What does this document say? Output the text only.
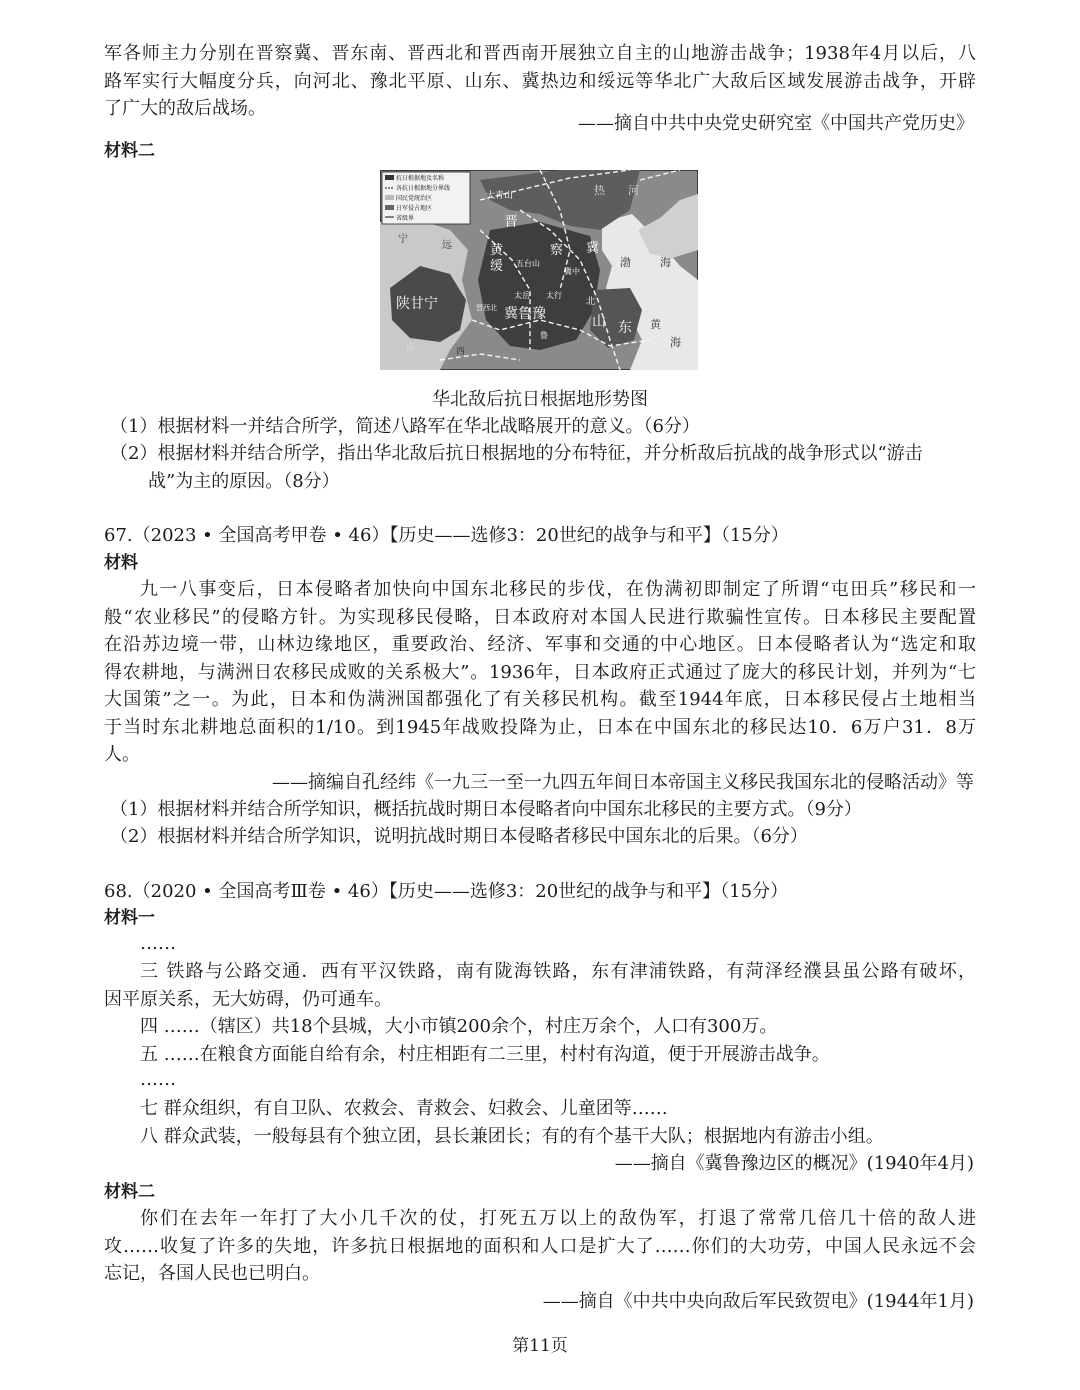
军各师主力分别在晋察冀、晋东南、晋西北和晋西南开展独立自主的山地游击战争；1938年4月以后，八
路军实行大幅度分兵，向河北、豫北平原、山东、冀热边和绥远等华北广大敌后区域发展游击战争，开辟
了广大的敌后战场。
——摘自中共中央党史研究室《中国共产党历史》
材料二
抗日根据地及名称
各抗日根据地分界线
国民党统治区
日军侵占地区
省级界
大青山	热 河
宁
远
晋
冀
黄	察
缓 五台山
冀中
渤	海
陕甘宁	晋西北
太岳 太行
北
冀鲁豫	山 东 黄
海
鲁
西
南
华北敌后抗日根据地形势图
（1）根据材料一并结合所学，简述八路军在华北战略展开的意义。（6分）
（2）根据材料并结合所学，指出华北敌后抗日根据地的分布特征，并分析敌后抗战的战争形式以“游击
战”为主的原因。（8分）
67.（2023 • 全国高考甲卷 • 46）【历史——选修3：20世纪的战争与和平】（15分）
材料
九一八事变后，日本侵略者加快向中国东北移民的步伐，在伪满初即制定了所谓“屯田兵”移民和一
般“农业移民”的侵略方针。为实现移民侵略，日本政府对本国人民进行欺骗性宣传。日本移民主要配置
在沿苏边境一带，山林边缘地区，重要政治、经济、军事和交通的中心地区。日本侵略者认为“选定和取
得农耕地，与满洲日农移民成败的关系极大”。1936年，日本政府正式通过了庞大的移民计划，并列为“七
大国策”之一。为此，日本和伪满洲国都强化了有关移民机构。截至1944年底，日本移民侵占土地相当
于当时东北耕地总面积的1/10。到1945年战败投降为止，日本在中国东北的移民达10．6万户31．8万
人。
——摘编自孔经纬《一九三一至一九四五年间日本帝国主义移民我国东北的侵略活动》等
（1）根据材料并结合所学知识，概括抗战时期日本侵略者向中国东北移民的主要方式。（9分）
（2）根据材料并结合所学知识，说明抗战时期日本侵略者移民中国东北的后果。（6分）
68.（2020 • 全国高考Ⅲ卷 • 46）【历史——选修3：20世纪的战争与和平】（15分）
材料一
……
三 铁路与公路交通．西有平汉铁路，南有陇海铁路，东有津浦铁路，有菏泽经濮县虽公路有破坏，
因平原关系，无大妨碍，仍可通车。
四 ……（辖区）共18个县城，大小市镇200余个，村庄万余个，人口有300万。
五 ……在粮食方面能自给有余，村庄相距有二三里，村村有沟道，便于开展游击战争。
……
七 群众组织，有自卫队、农救会、青救会、妇救会、儿童团等……
八 群众武装，一般每县有个独立团，县长兼团长；有的有个基干大队；根据地内有游击小组。
——摘自《冀鲁豫边区的概况》(1940年4月)
材料二
你们在去年一年打了大小几千次的仗，打死五万以上的敌伪军，打退了常常几倍几十倍的敌人进
攻……收复了许多的失地，许多抗日根据地的面积和人口是扩大了……你们的大功劳，中国人民永远不会
忘记，各国人民也已明白。
——摘自《中共中央向敌后军民致贺电》(1944年1月)
第11页
